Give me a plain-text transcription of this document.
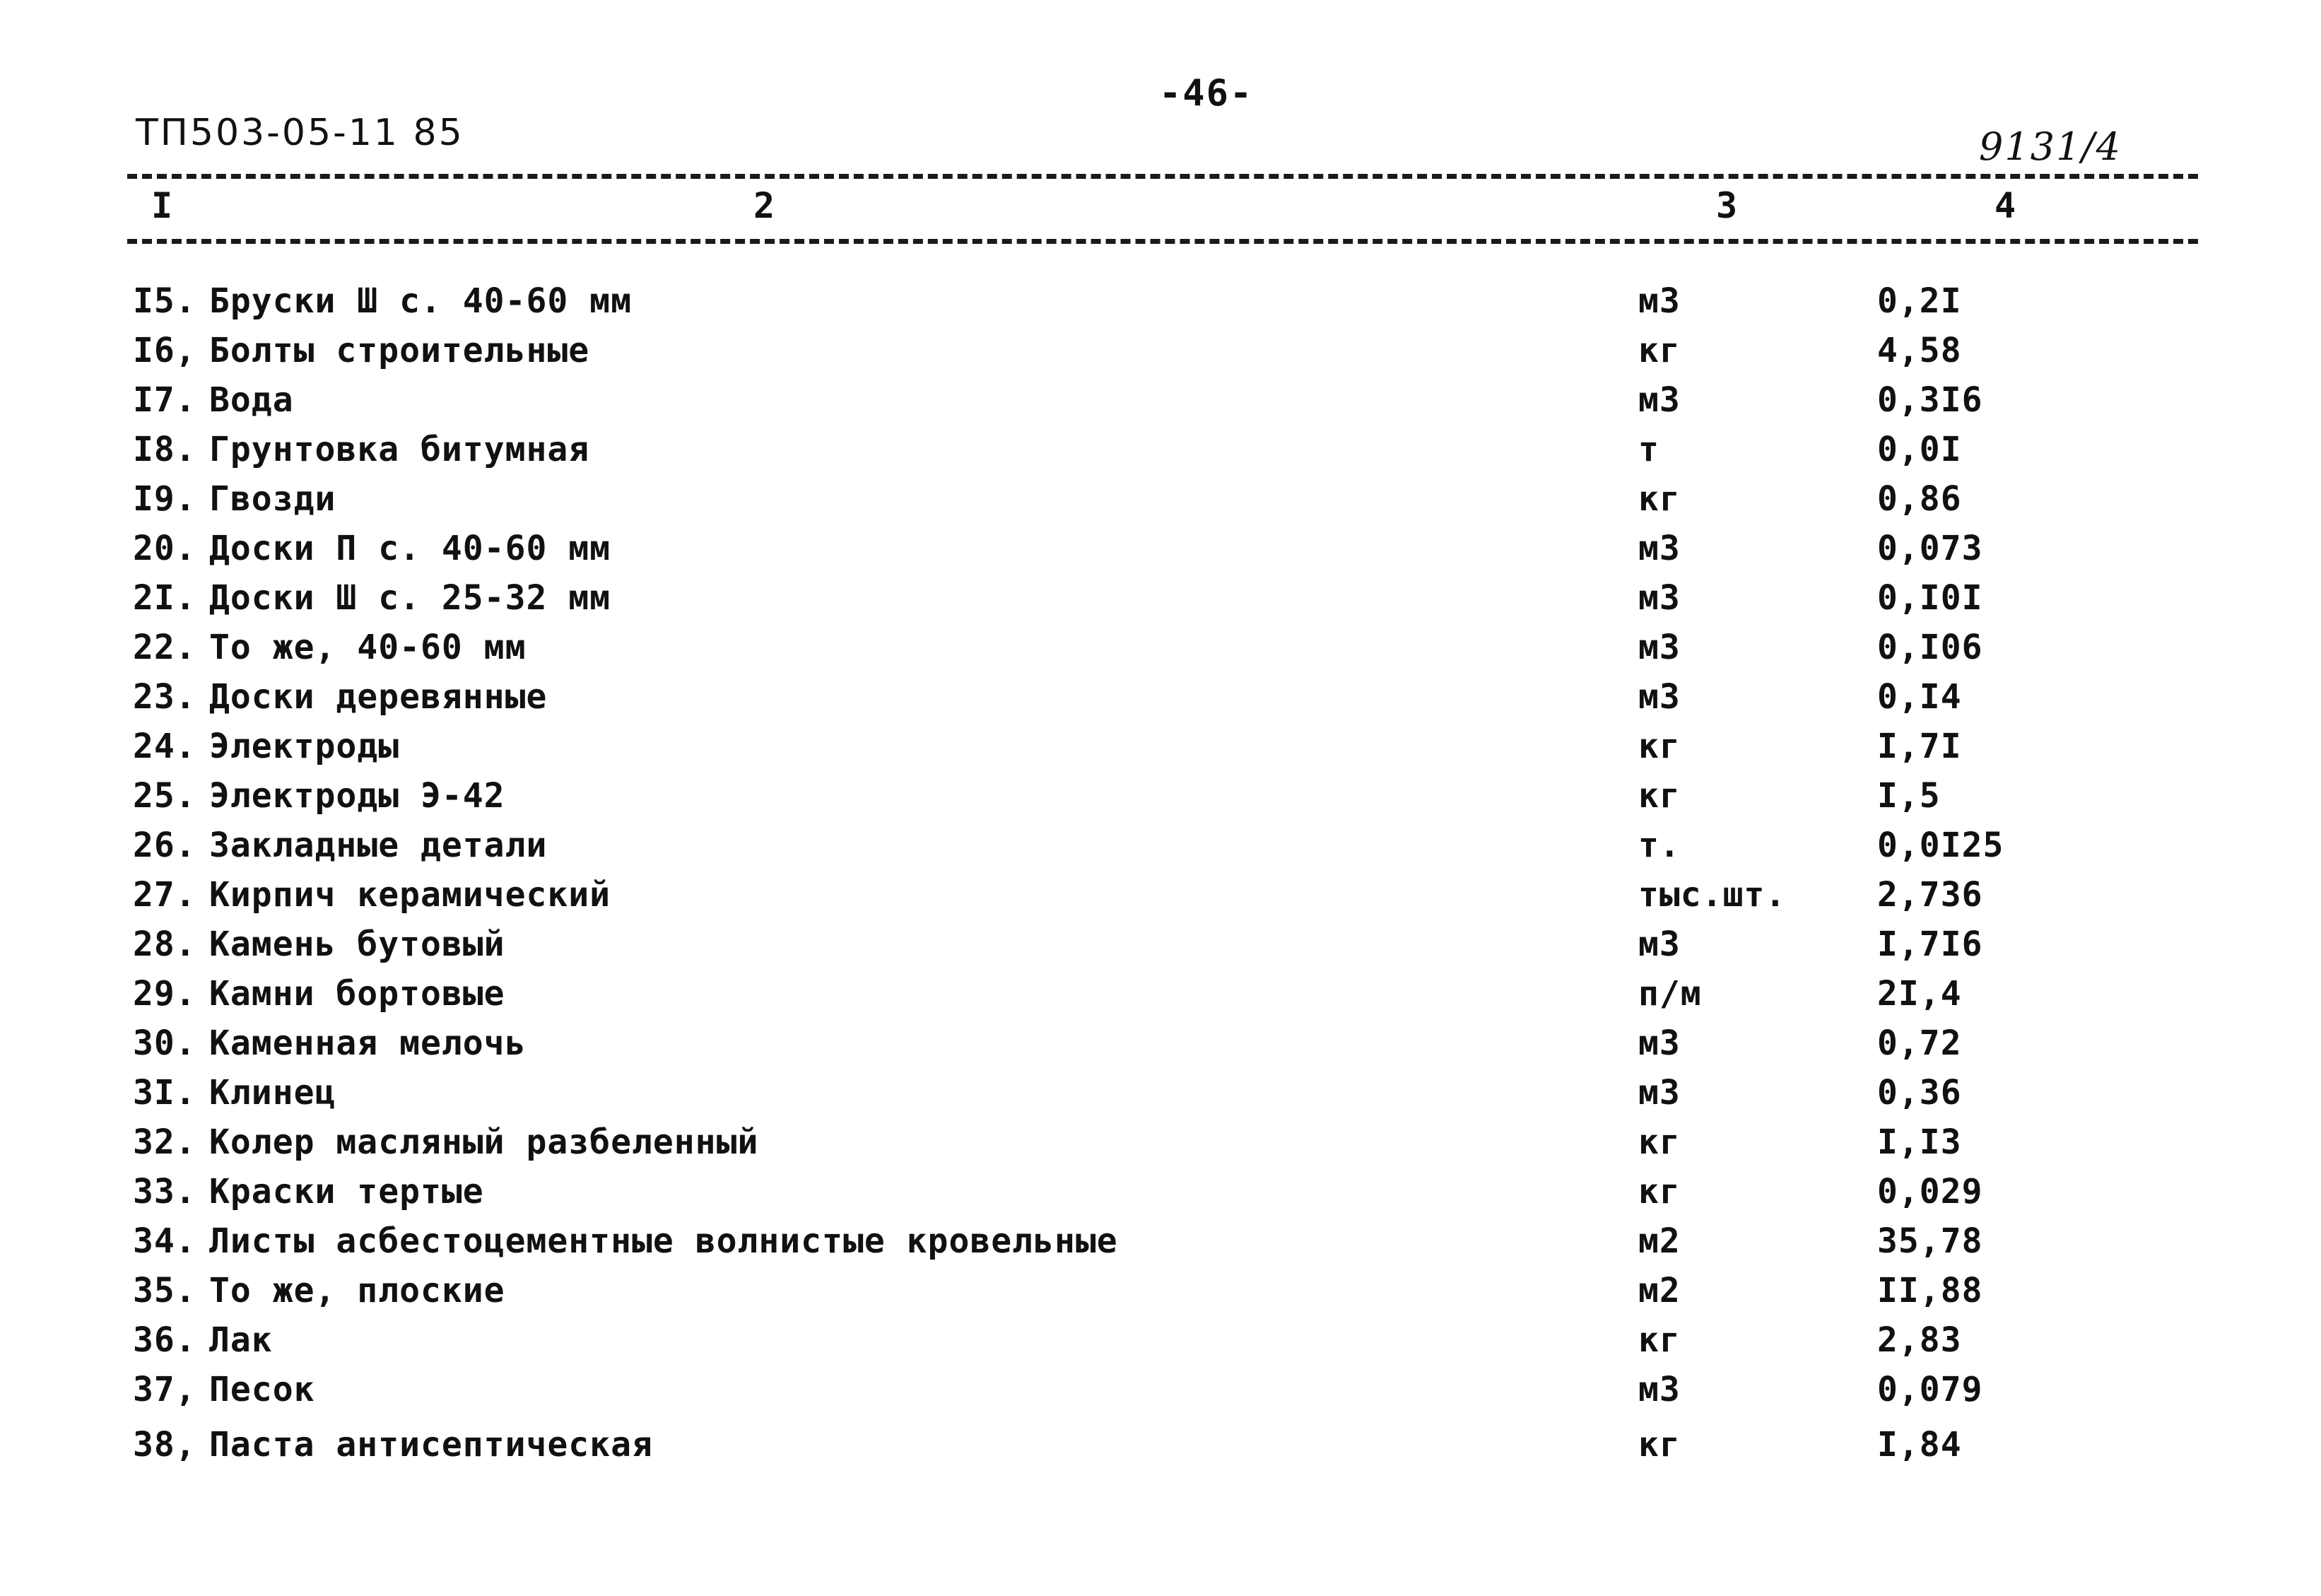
-46-
ТП503-05-11 85	9131/4
I	2	3	4
I5. Бруски Ш с. 40-60 мм	м3	0,2I
I6, Болты строительные	кг	4,58
I7. Вода	м3	0,3I6
I8. Грунтовка битумная	т	0,0I
I9. Гвозди	кг	0,86
20. Доски П с. 40-60 мм	м3	0,073
2I. Доски Ш с. 25-32 мм	м3	0,I0I
22. То же, 40-60 мм	м3	0,I06
23. Доски деревянные	м3	0,I4
24. Электроды	кг	I,7I
25. Электроды Э-42	кг	I,5
26. Закладные детали	т.	0,0I25
27. Кирпич керамический	тыс.шт.	2,736
28. Камень бутовый	м3	I,7I6
29. Камни бортовые	п/м	2I,4
30. Каменная мелочь	м3	0,72
3I. Клинец	м3	0,36
32. Колер масляный разбеленный	кг	I,I3
33. Краски тертые	кг	0,029
34. Листы асбестоцементные волнистые кровельные	м2	35,78
35. То же, плоские	м2	II,88
36. Лак	кг	2,83
37, Песок	м3	0,079
38, Паста антисептическая	кг	I,84
